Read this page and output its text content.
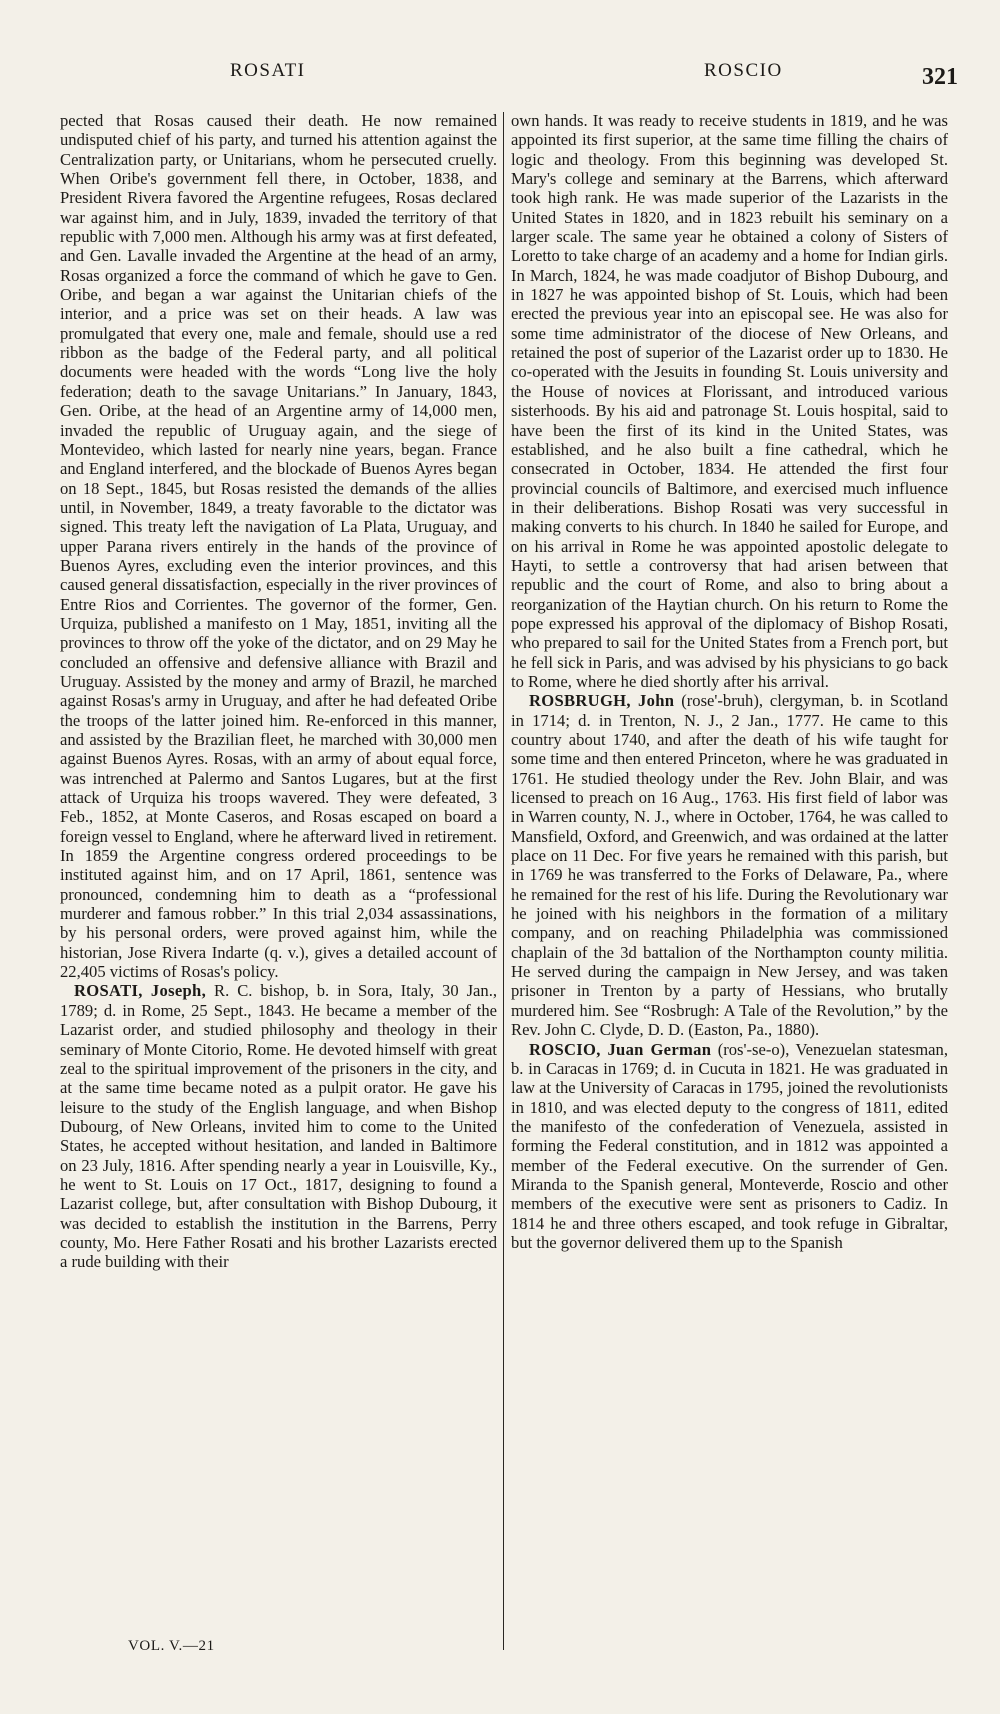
ROSATI	ROSCIO	321

pected that Rosas caused their death. He now remained undisputed chief of his party, and turned his attention against the Centralization party, or Unitarians, whom he persecuted cruelly. When Oribe's government fell there, in October, 1838, and President Rivera favored the Argentine refugees, Rosas declared war against him, and in July, 1839, invaded the territory of that republic with 7,000 men. Although his army was at first defeated, and Gen. Lavalle invaded the Argentine at the head of an army, Rosas organized a force the command of which he gave to Gen. Oribe, and began a war against the Unitarian chiefs of the interior, and a price was set on their heads. A law was promulgated that every one, male and female, should use a red ribbon as the badge of the Federal party, and all political documents were headed with the words “Long live the holy federation; death to the savage Unitarians.” In January, 1843, Gen. Oribe, at the head of an Argentine army of 14,000 men, invaded the republic of Uruguay again, and the siege of Montevideo, which lasted for nearly nine years, began. France and England interfered, and the blockade of Buenos Ayres began on 18 Sept., 1845, but Rosas resisted the demands of the allies until, in November, 1849, a treaty favorable to the dictator was signed. This treaty left the navigation of La Plata, Uruguay, and upper Parana rivers entirely in the hands of the province of Buenos Ayres, excluding even the interior provinces, and this caused general dissatisfaction, especially in the river provinces of Entre Rios and Corrientes. The governor of the former, Gen. Urquiza, published a manifesto on 1 May, 1851, inviting all the provinces to throw off the yoke of the dictator, and on 29 May he concluded an offensive and defensive alliance with Brazil and Uruguay. Assisted by the money and army of Brazil, he marched against Rosas's army in Uruguay, and after he had defeated Oribe the troops of the latter joined him. Re-enforced in this manner, and assisted by the Brazilian fleet, he marched with 30,000 men against Buenos Ayres. Rosas, with an army of about equal force, was intrenched at Palermo and Santos Lugares, but at the first attack of Urquiza his troops wavered. They were defeated, 3 Feb., 1852, at Monte Caseros, and Rosas escaped on board a foreign vessel to England, where he afterward lived in retirement. In 1859 the Argentine congress ordered proceedings to be instituted against him, and on 17 April, 1861, sentence was pronounced, condemning him to death as a “professional murderer and famous robber.” In this trial 2,034 assassinations, by his personal orders, were proved against him, while the historian, Jose Rivera Indarte (q. v.), gives a detailed account of 22,405 victims of Rosas's policy.

ROSATI, Joseph, R. C. bishop, b. in Sora, Italy, 30 Jan., 1789; d. in Rome, 25 Sept., 1843. He became a member of the Lazarist order, and studied philosophy and theology in their seminary of Monte Citorio, Rome. He devoted himself with great zeal to the spiritual improvement of the prisoners in the city, and at the same time became noted as a pulpit orator. He gave his leisure to the study of the English language, and when Bishop Dubourg, of New Orleans, invited him to come to the United States, he accepted without hesitation, and landed in Baltimore on 23 July, 1816. After spending nearly a year in Louisville, Ky., he went to St. Louis on 17 Oct., 1817, designing to found a Lazarist college, but, after consultation with Bishop Dubourg, it was decided to establish the institution in the Barrens, Perry county, Mo. Here Father Rosati and his brother Lazarists erected a rude building with their

own hands. It was ready to receive students in 1819, and he was appointed its first superior, at the same time filling the chairs of logic and theology. From this beginning was developed St. Mary's college and seminary at the Barrens, which afterward took high rank. He was made superior of the Lazarists in the United States in 1820, and in 1823 rebuilt his seminary on a larger scale. The same year he obtained a colony of Sisters of Loretto to take charge of an academy and a home for Indian girls. In March, 1824, he was made coadjutor of Bishop Dubourg, and in 1827 he was appointed bishop of St. Louis, which had been erected the previous year into an episcopal see. He was also for some time administrator of the diocese of New Orleans, and retained the post of superior of the Lazarist order up to 1830. He co-operated with the Jesuits in founding St. Louis university and the House of novices at Florissant, and introduced various sisterhoods. By his aid and patronage St. Louis hospital, said to have been the first of its kind in the United States, was established, and he also built a fine cathedral, which he consecrated in October, 1834. He attended the first four provincial councils of Baltimore, and exercised much influence in their deliberations. Bishop Rosati was very successful in making converts to his church. In 1840 he sailed for Europe, and on his arrival in Rome he was appointed apostolic delegate to Hayti, to settle a controversy that had arisen between that republic and the court of Rome, and also to bring about a reorganization of the Haytian church. On his return to Rome the pope expressed his approval of the diplomacy of Bishop Rosati, who prepared to sail for the United States from a French port, but he fell sick in Paris, and was advised by his physicians to go back to Rome, where he died shortly after his arrival.

ROSBRUGH, John (rose'-bruh), clergyman, b. in Scotland in 1714; d. in Trenton, N. J., 2 Jan., 1777. He came to this country about 1740, and after the death of his wife taught for some time and then entered Princeton, where he was graduated in 1761. He studied theology under the Rev. John Blair, and was licensed to preach on 16 Aug., 1763. His first field of labor was in Warren county, N. J., where in October, 1764, he was called to Mansfield, Oxford, and Greenwich, and was ordained at the latter place on 11 Dec. For five years he remained with this parish, but in 1769 he was transferred to the Forks of Delaware, Pa., where he remained for the rest of his life. During the Revolutionary war he joined with his neighbors in the formation of a military company, and on reaching Philadelphia was commissioned chaplain of the 3d battalion of the Northampton county militia. He served during the campaign in New Jersey, and was taken prisoner in Trenton by a party of Hessians, who brutally murdered him. See “Rosbrugh: A Tale of the Revolution,” by the Rev. John C. Clyde, D. D. (Easton, Pa., 1880).

ROSCIO, Juan German (ros'-se-o), Venezuelan statesman, b. in Caracas in 1769; d. in Cucuta in 1821. He was graduated in law at the University of Caracas in 1795, joined the revolutionists in 1810, and was elected deputy to the congress of 1811, edited the manifesto of the confederation of Venezuela, assisted in forming the Federal constitution, and in 1812 was appointed a member of the Federal executive. On the surrender of Gen. Miranda to the Spanish general, Monteverde, Roscio and other members of the executive were sent as prisoners to Cadiz. In 1814 he and three others escaped, and took refuge in Gibraltar, but the governor delivered them up to the Spanish

VOL. V.—21
